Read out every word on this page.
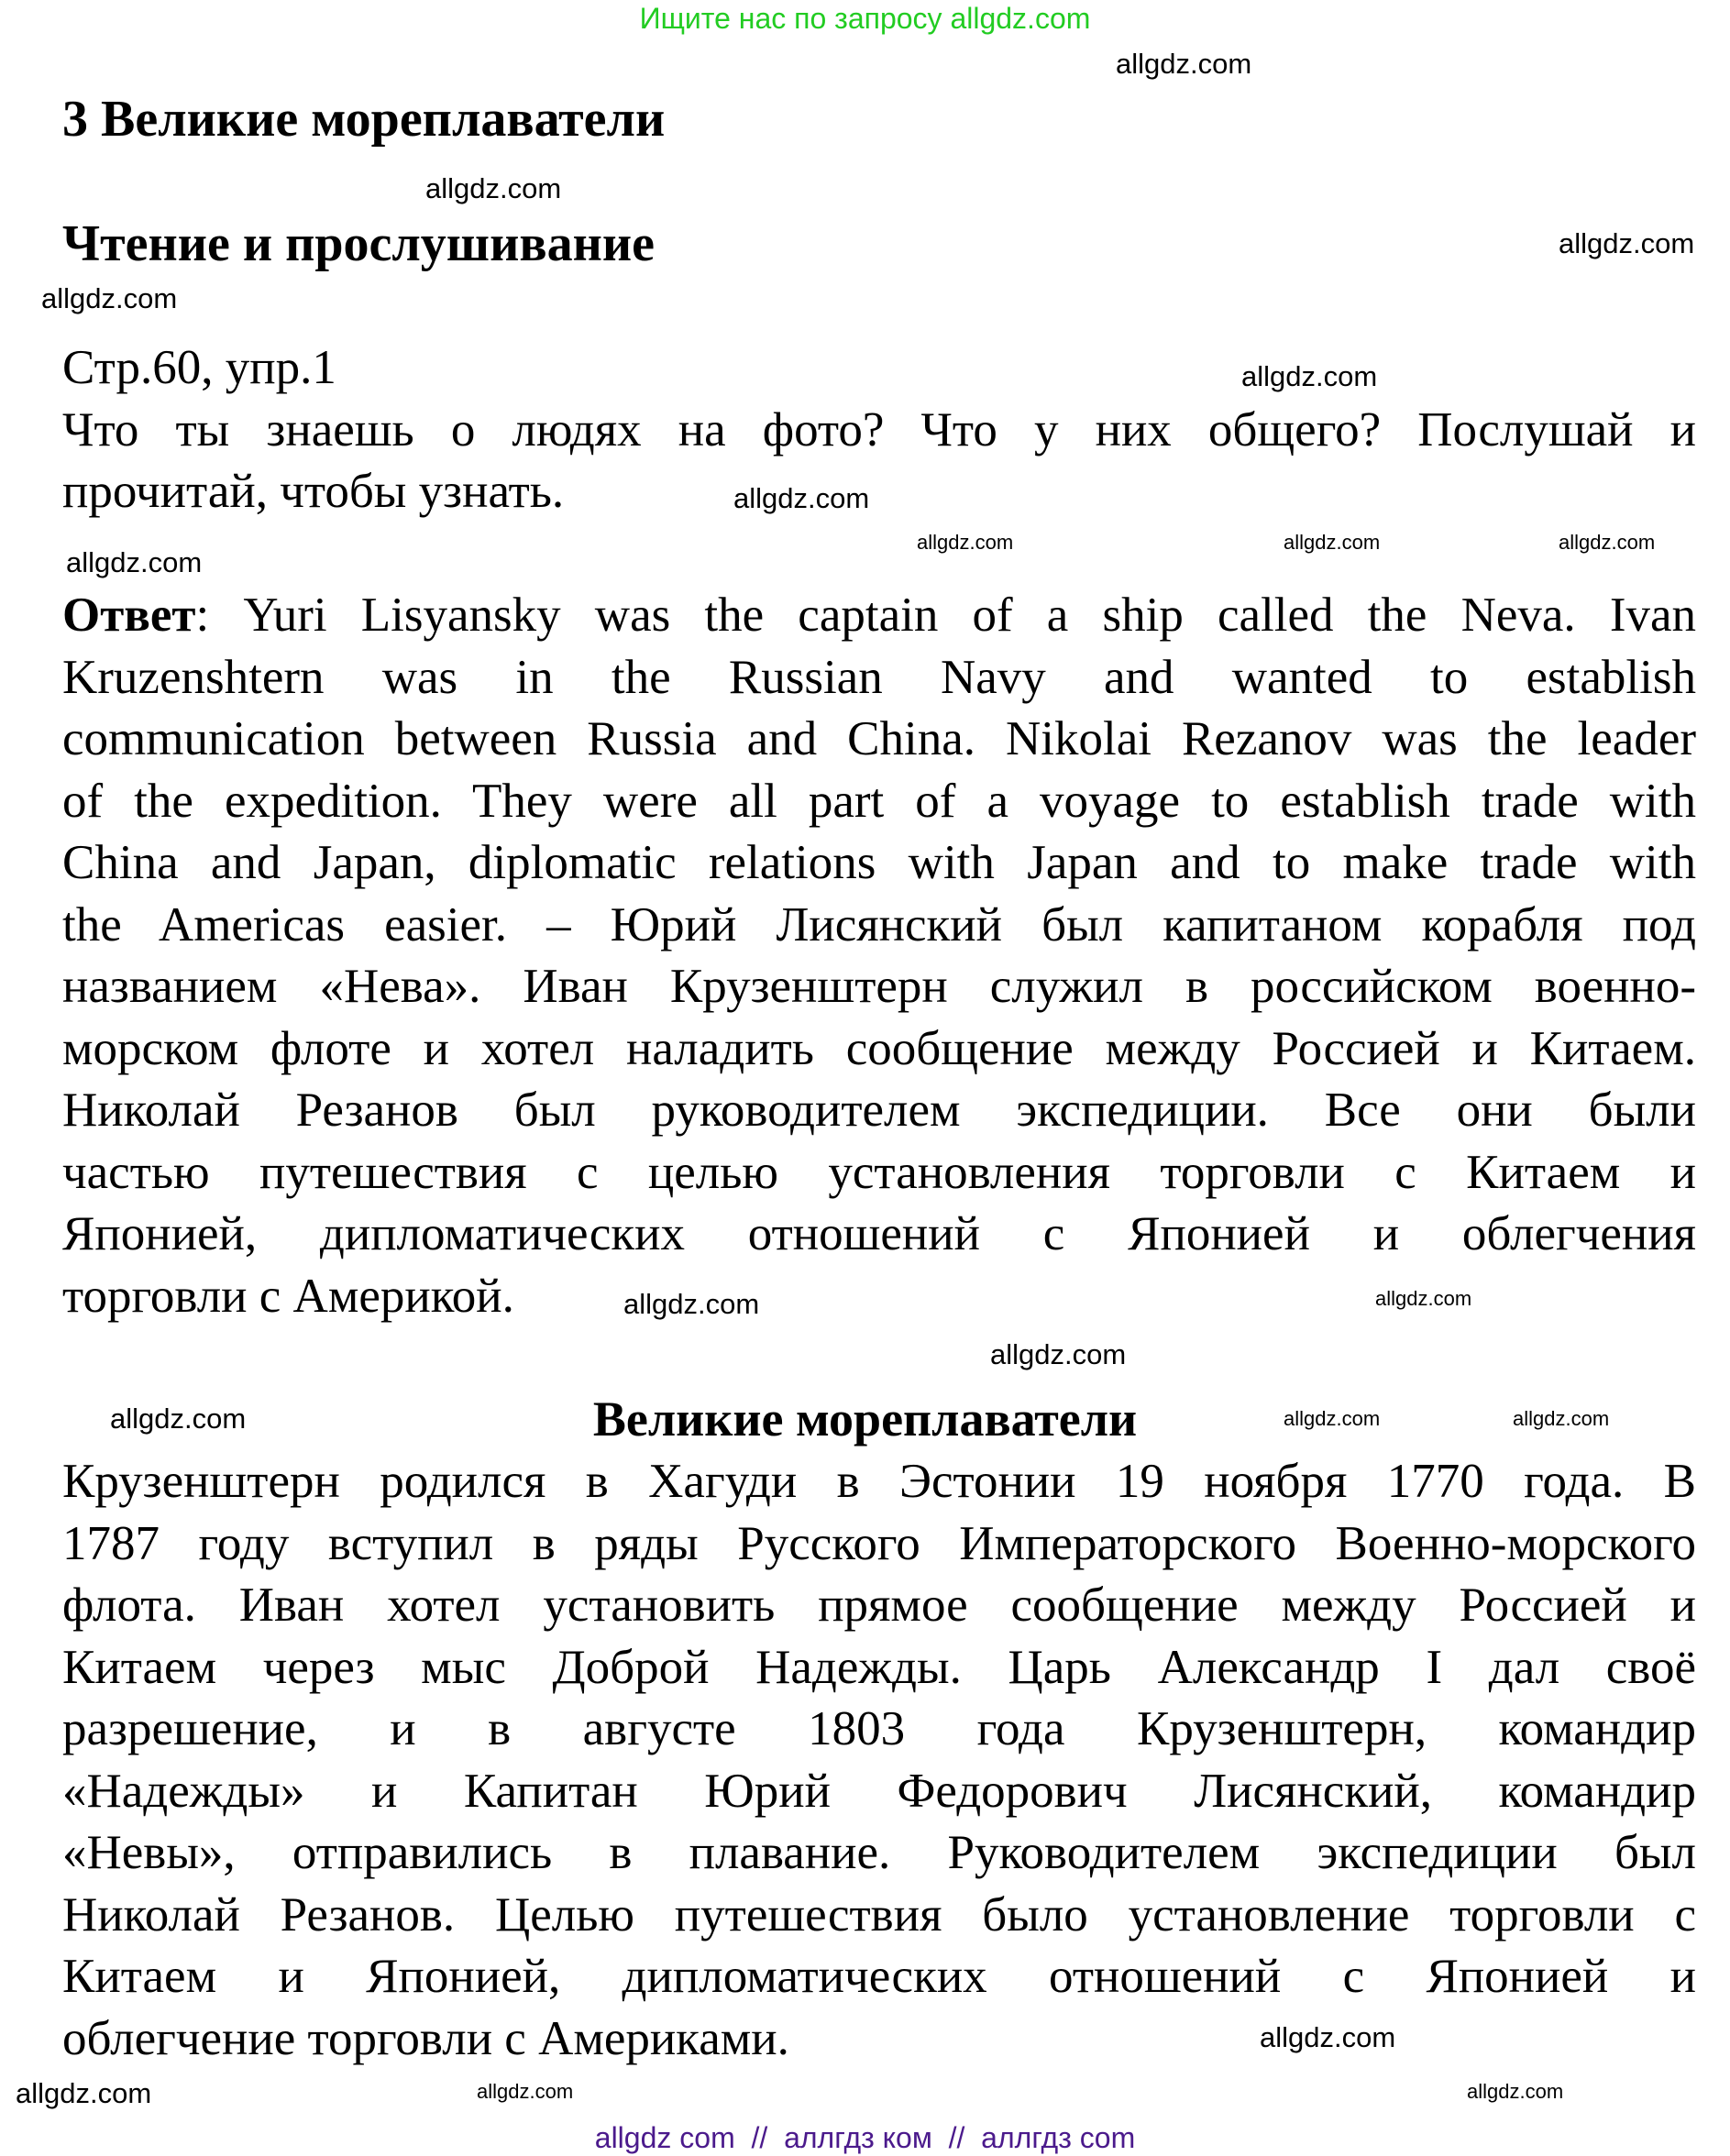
Ищите нас по запросу allgdz.com
3 Великие мореплаватели
Чтение и прослушивание
Стр.60, упр.1
Что ты знаешь о людях на фото? Что у них общего? Послушай и
прочитай, чтобы узнать.
Ответ: Yuri Lisyansky was the captain of a ship called the Neva. Ivan
Kruzenshtern was in the Russian Navy and wanted to establish
communication between Russia and China. Nikolai Rezanov was the leader
of the expedition. They were all part of a voyage to establish trade with
China and Japan, diplomatic relations with Japan and to make trade with
the Americas easier. – Юрий Лисянский был капитаном корабля под
названием «Нева». Иван Крузенштерн служил в российском военно-
морском флоте и хотел наладить сообщение между Россией и Китаем.
Николай Резанов был руководителем экспедиции. Все они были
частью путешествия с целью установления торговли с Китаем и
Японией, дипломатических отношений с Японией и облегчения
торговли с Америкой.
Великие мореплаватели
Крузенштерн родился в Хагуди в Эстонии 19 ноября 1770 года. В
1787 году вступил в ряды Русского Императорского Военно-морского
флота. Иван хотел установить прямое сообщение между Россией и
Китаем через мыс Доброй Надежды. Царь Александр I дал своё
разрешение, и в августе 1803 года Крузенштерн, командир
«Надежды» и Капитан Юрий Федорович Лисянский, командир
«Невы», отправились в плавание. Руководителем экспедиции был
Николай Резанов. Целью путешествия было установление торговли с
Китаем и Японией, дипломатических отношений с Японией и
облегчение торговли с Америками.
allgdz.com
allgdz.com
allgdz.com
allgdz.com
allgdz.com
allgdz.com
allgdz.com
allgdz.com	allgdz.com	allgdz.com
allgdz.com
allgdz.com
allgdz.com
allgdz.com	allgdz.com	allgdz.com
allgdz.com	allgdz.com
allgdz.com
allgdz.com
allgdz com  //  аллгдз ком  //  аллгдз com
